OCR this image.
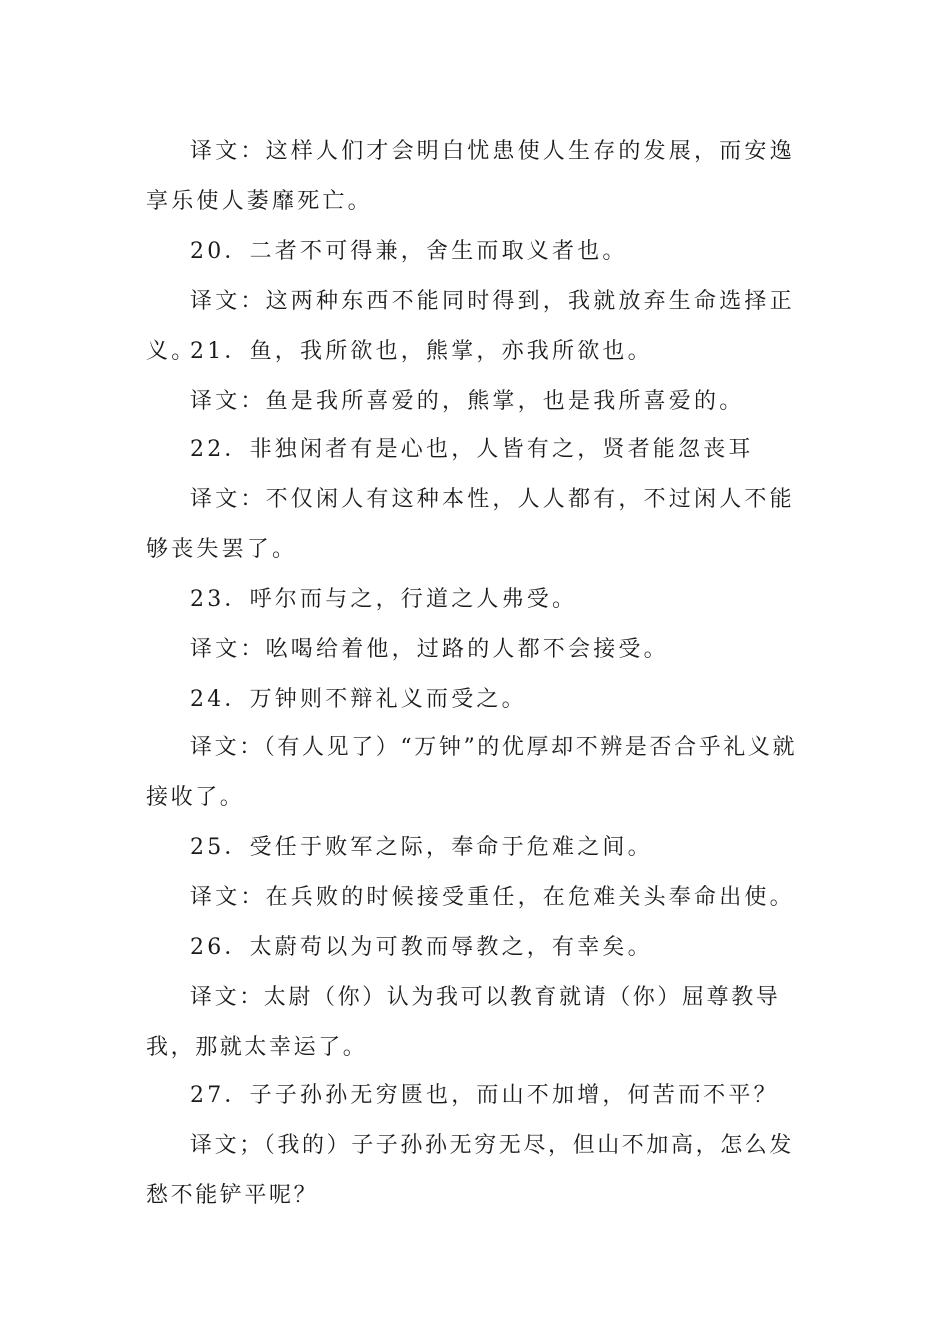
译文：这样人们才会明白忧患使人生存的发展，而安逸享乐使人萎靡死亡。

20．二者不可得兼，舍生而取义者也。

译文：这两种东西不能同时得到，我就放弃生命选择正义。

21．鱼，我所欲也，熊掌，亦我所欲也。

译文：鱼是我所喜爱的，熊掌，也是我所喜爱的。

22．非独闲者有是心也，人皆有之，贤者能忽丧耳

译文：不仅闲人有这种本性，人人都有，不过闲人不能够丧失罢了。

23．呼尔而与之，行道之人弗受。

译文：吆喝给着他，过路的人都不会接受。

24．万钟则不辩礼义而受之。

译文：（有人见了）“万钟”的优厚却不辨是否合乎礼义就接收了。

25．受任于败军之际，奉命于危难之间。

译文：在兵败的时候接受重任，在危难关头奉命出使。

26．太蔚苟以为可教而辱教之，有幸矣。

译文：太尉（你）认为我可以教育就请（你）屈尊教导我，那就太幸运了。

27．子子孙孙无穷匮也，而山不加增，何苦而不平？

译文；（我的）子子孙孙无穷无尽，但山不加高，怎么发愁不能铲平呢？
